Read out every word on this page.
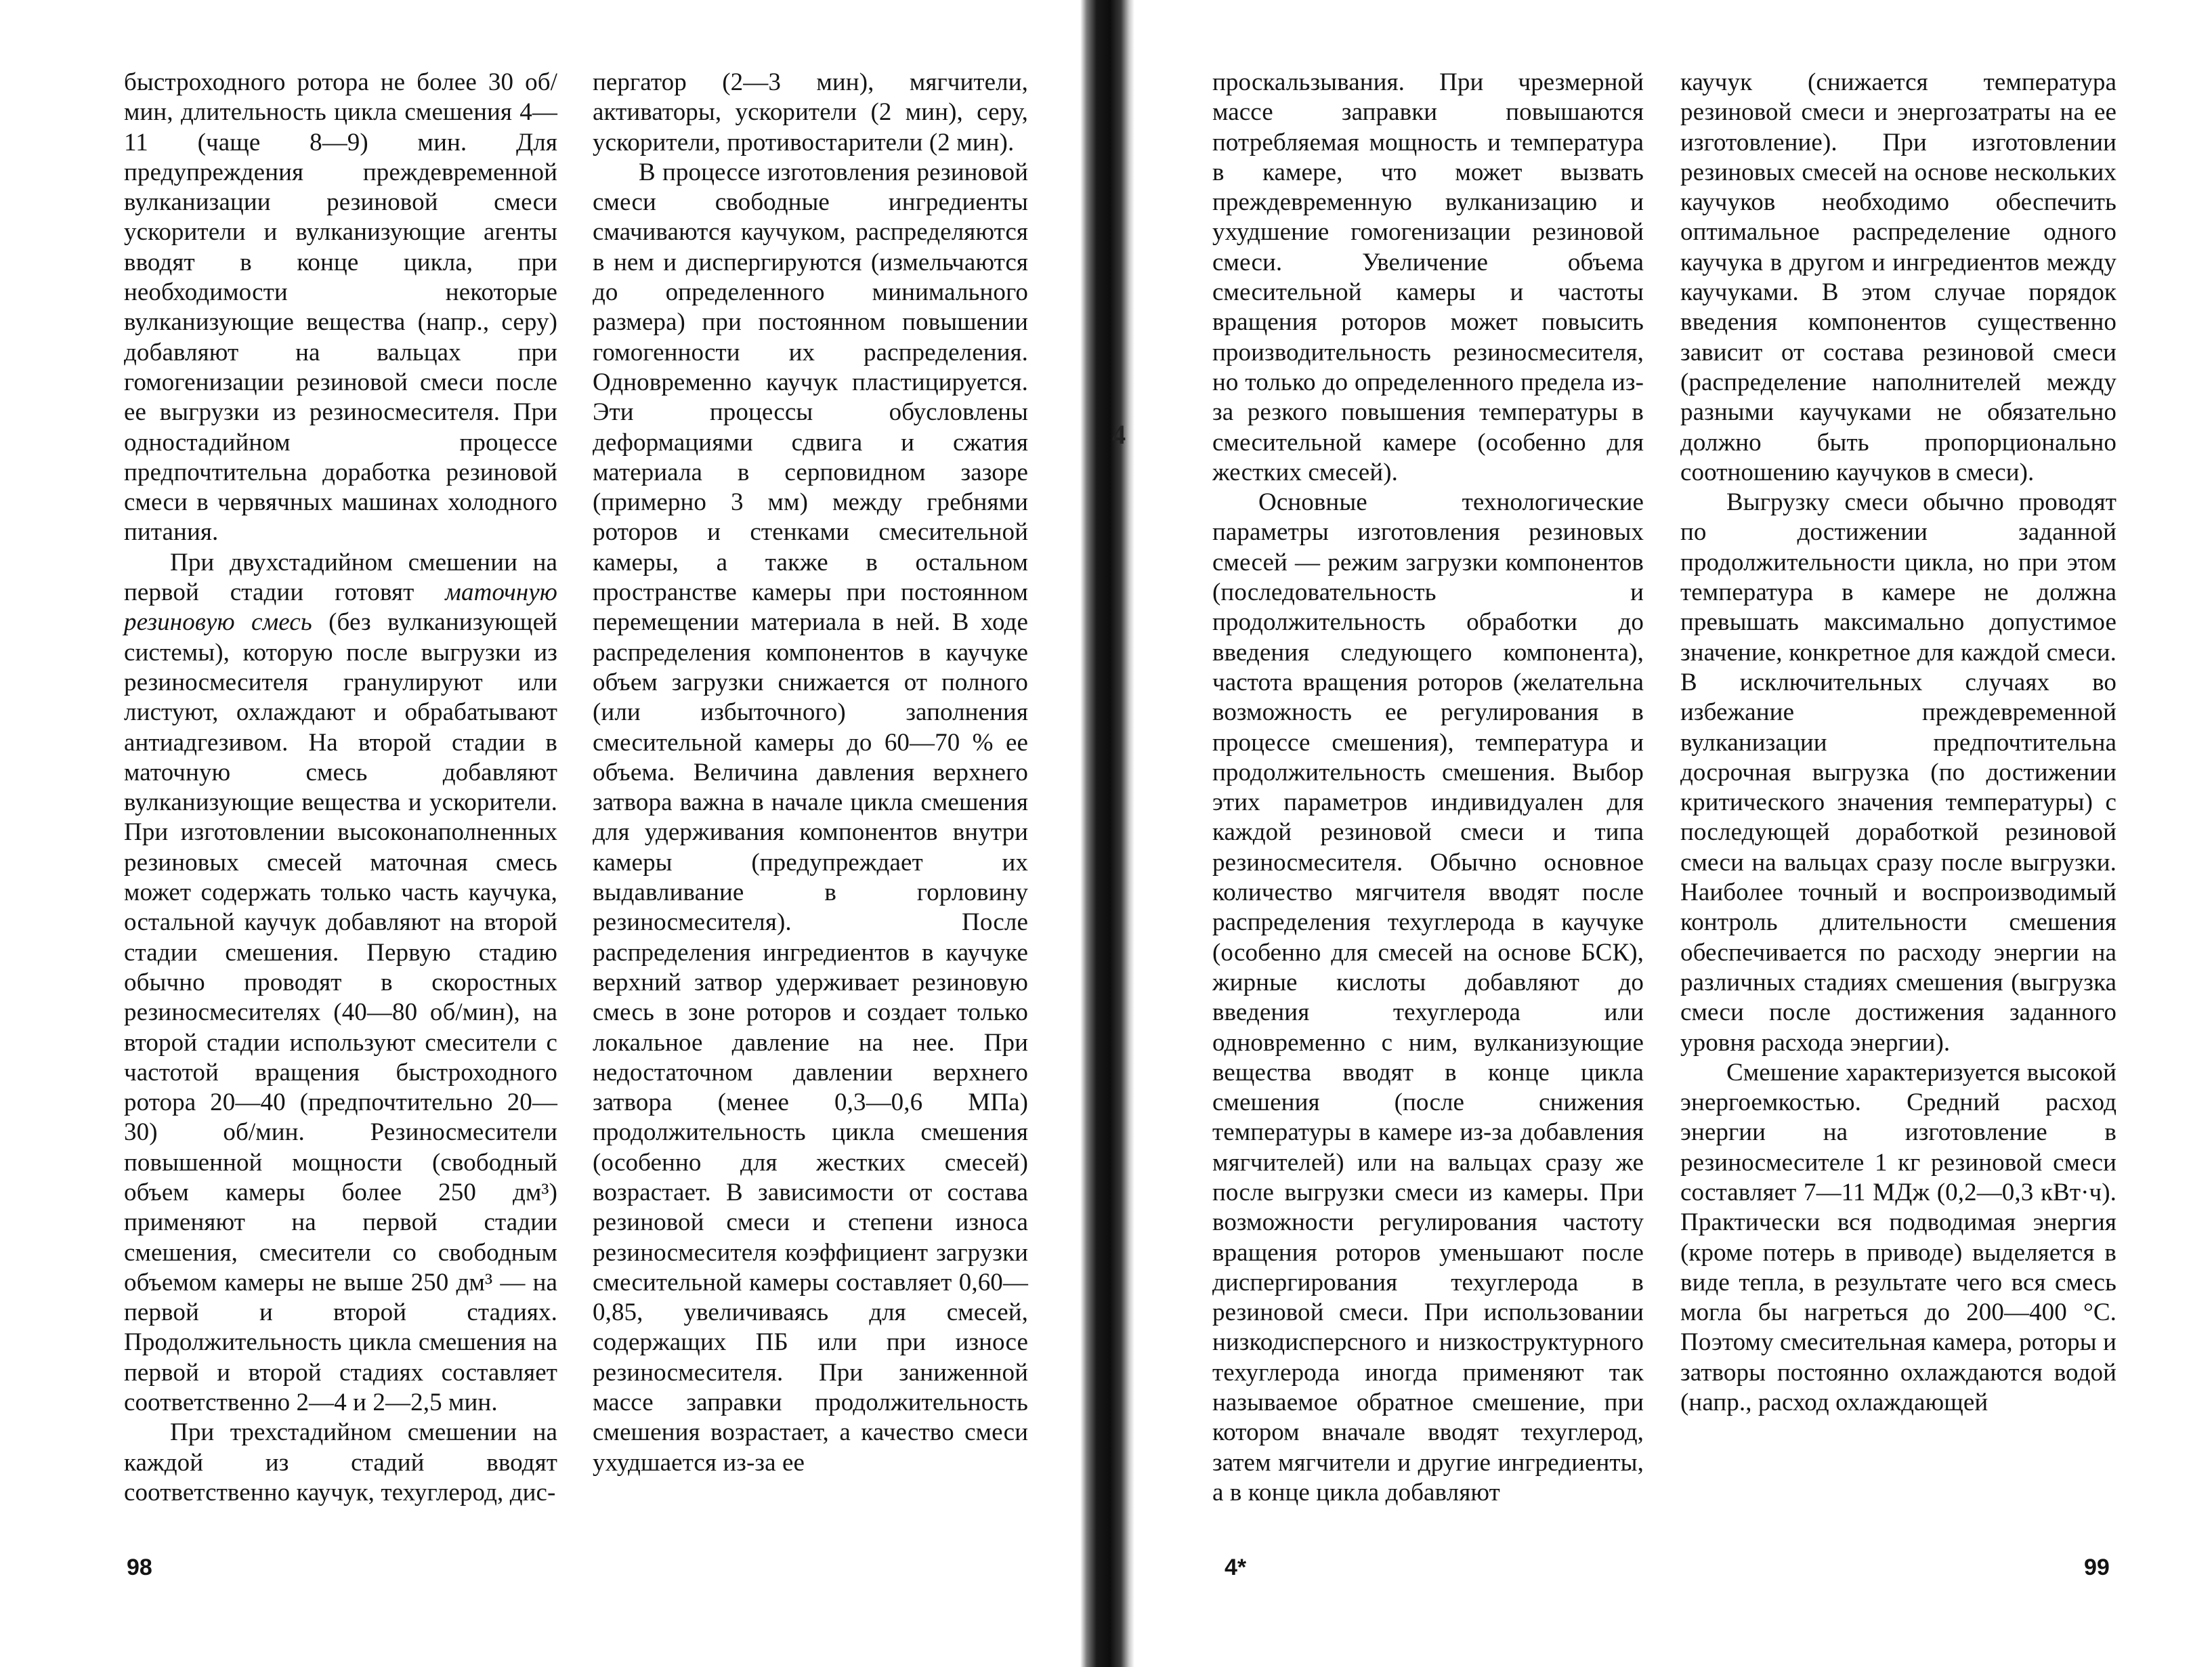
быстроходного ротора не более 30 об/мин, длительность цикла смешения 4—11 (чаще 8—9) мин. Для предупреждения преждевременной вулканизации резиновой смеси ускорители и вулканизующие агенты вводят в конце цикла, при необходимости некоторые вулканизующие вещества (напр., серу) добавляют на вальцах при гомогенизации резиновой смеси после ее выгрузки из резиносмесителя. При одностадийном процессе предпочтительна доработка резиновой смеси в червячных машинах холодного питания.

При двухстадийном смешении на первой стадии готовят маточную резиновую смесь (без вулканизующей системы), которую после выгрузки из резиносмесителя гранулируют или листуют, охлаждают и обрабатывают антиадгезивом. На второй стадии в маточную смесь добавляют вулканизующие вещества и ускорители. При изготовлении высоконаполненных резиновых смесей маточная смесь может содержать только часть каучука, остальной каучук добавляют на второй стадии смешения. Первую стадию обычно проводят в скоростных резиносмесителях (40—80 об/мин), на второй стадии используют смесители с частотой вращения быстроходного ротора 20—40 (предпочтительно 20—30) об/мин. Резиносмесители повышенной мощности (свободный объем камеры более 250 дм³) применяют на первой стадии смешения, смесители со свободным объемом камеры не выше 250 дм³ — на первой и второй стадиях. Продолжительность цикла смешения на первой и второй стадиях составляет соответственно 2—4 и 2—2,5 мин.

При трехстадийном смешении на каждой из стадий вводят соответственно каучук, техуглерод, дис-

пергатор (2—3 мин), мягчители, активаторы, ускорители (2 мин), серу, ускорители, противостарители (2 мин).

В процессе изготовления резиновой смеси свободные ингредиенты смачиваются каучуком, распределяются в нем и диспергируются (измельчаются до определенного минимального размера) при постоянном повышении гомогенности их распределения. Одновременно каучук пластицируется. Эти процессы обусловлены деформациями сдвига и сжатия материала в серповидном зазоре (примерно 3 мм) между гребнями роторов и стенками смесительной камеры, а также в остальном пространстве камеры при постоянном перемещении материала в ней. В ходе распределения компонентов в каучуке объем загрузки снижается от полного (или избыточного) заполнения смесительной камеры до 60—70 % ее объема. Величина давления верхнего затвора важна в начале цикла смешения для удерживания компонентов внутри камеры (предупреждает их выдавливание в горловину резиносмесителя). После распределения ингредиентов в каучуке верхний затвор удерживает резиновую смесь в зоне роторов и создает только локальное давление на нее. При недостаточном давлении верхнего затвора (менее 0,3—0,6 МПа) продолжительность цикла смешения (особенно для жестких смесей) возрастает. В зависимости от состава резиновой смеси и степени износа резиносмесителя коэффициент загрузки смесительной камеры составляет 0,60—0,85, увеличиваясь для смесей, содержащих ПБ или при износе резиносмесителя. При заниженной массе заправки продолжительность смешения возрастает, а качество смеси ухудшается из-за ее

98
4

проскальзывания. При чрезмерной массе заправки повышаются потребляемая мощность и температура в камере, что может вызвать преждевременную вулканизацию и ухудшение гомогенизации резиновой смеси. Увеличение объема смесительной камеры и частоты вращения роторов может повысить производительность резиносмесителя, но только до определенного предела из-за резкого повышения температуры в смесительной камере (особенно для жестких смесей).

Основные технологические параметры изготовления резиновых смесей — режим загрузки компонентов (последовательность и продолжительность обработки до введения следующего компонента), частота вращения роторов (желательна возможность ее регулирования в процессе смешения), температура и продолжительность смешения. Выбор этих параметров индивидуален для каждой резиновой смеси и типа резиносмесителя. Обычно основное количество мягчителя вводят после распределения техуглерода в каучуке (особенно для смесей на основе БСК), жирные кислоты добавляют до введения техуглерода или одновременно с ним, вулканизующие вещества вводят в конце цикла смешения (после снижения температуры в камере из-за добавления мягчителей) или на вальцах сразу же после выгрузки смеси из камеры. При возможности регулирования частоту вращения роторов уменьшают после диспергирования техуглерода в резиновой смеси. При использовании низкодисперсного и низкоструктурного техуглерода иногда применяют так называемое обратное смешение, при котором вначале вводят техуглерод, затем мягчители и другие ингредиенты, а в конце цикла добавляют

каучук (снижается температура резиновой смеси и энергозатраты на ее изготовление). При изготовлении резиновых смесей на основе нескольких каучуков необходимо обеспечить оптимальное распределение одного каучука в другом и ингредиентов между каучуками. В этом случае порядок введения компонентов существенно зависит от состава резиновой смеси (распределение наполнителей между разными каучуками не обязательно должно быть пропорционально соотношению каучуков в смеси).

Выгрузку смеси обычно проводят по достижении заданной продолжительности цикла, но при этом температура в камере не должна превышать максимально допустимое значение, конкретное для каждой смеси. В исключительных случаях во избежание преждевременной вулканизации предпочтительна досрочная выгрузка (по достижении критического значения температуры) с последующей доработкой резиновой смеси на вальцах сразу после выгрузки. Наиболее точный и воспроизводимый контроль длительности смешения обеспечивается по расходу энергии на различных стадиях смешения (выгрузка смеси после достижения заданного уровня расхода энергии).

Смешение характеризуется высокой энергоемкостью. Средний расход энергии на изготовление в резиносмесителе 1 кг резиновой смеси составляет 7—11 МДж (0,2—0,3 кВт·ч). Практически вся подводимая энергия (кроме потерь в приводе) выделяется в виде тепла, в результате чего вся смесь могла бы нагреться до 200—400 °С. Поэтому смесительная камера, роторы и затворы постоянно охлаждаются водой (напр., расход охлаждающей

4*	99
